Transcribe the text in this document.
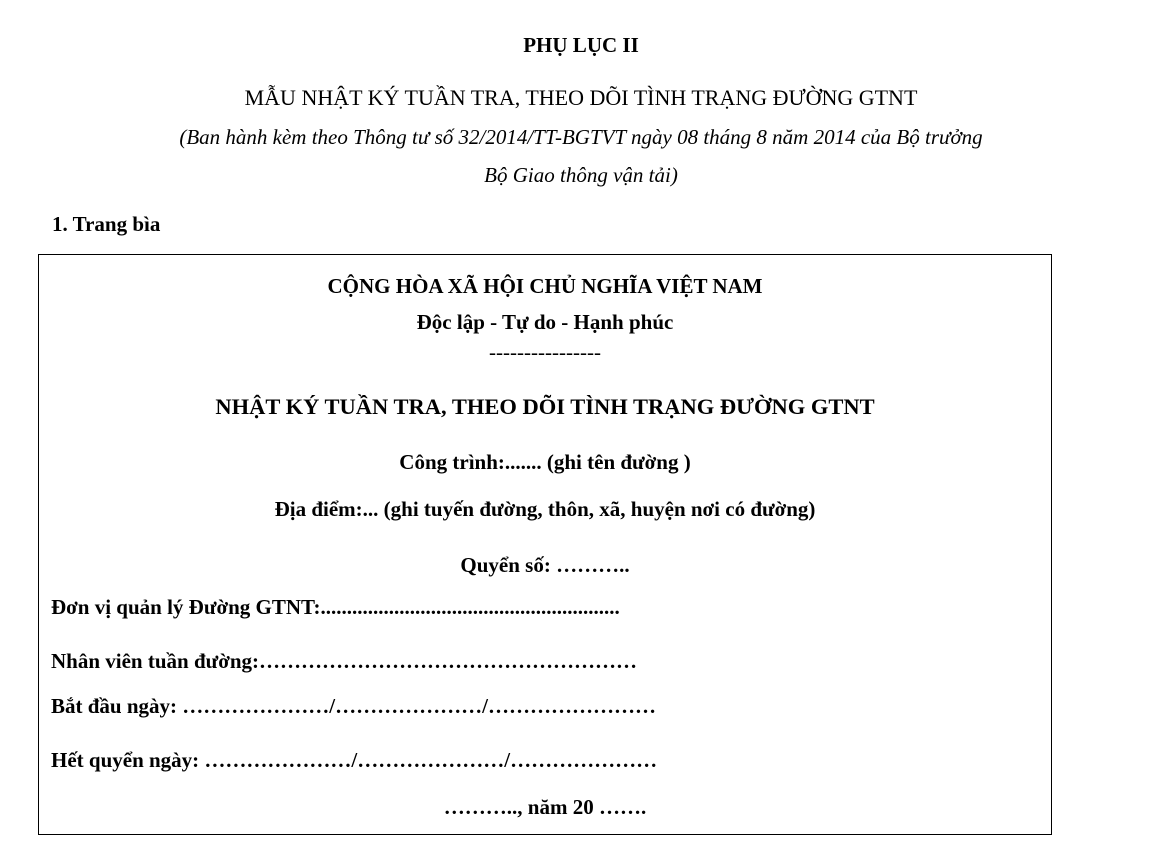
PHỤ LỤC II
MẪU NHẬT KÝ TUẦN TRA, THEO DÕI TÌNH TRẠNG ĐƯỜNG GTNT
(Ban hành kèm theo Thông tư số 32/2014/TT-BGTVT ngày 08 tháng 8 năm 2014 của Bộ trưởng
Bộ Giao thông vận tải)
1. Trang bìa
CỘNG HÒA XÃ HỘI CHỦ NGHĨA VIỆT NAM
Độc lập - Tự do - Hạnh phúc
----------------
NHẬT KÝ TUẦN TRA, THEO DÕI TÌNH TRẠNG ĐƯỜNG GTNT
Công trình:....... (ghi tên đường )
Địa điểm:... (ghi tuyến đường, thôn, xã, huyện nơi có đường)
Quyển số: ………..
Đơn vị quản lý Đường GTNT:.........................................................
Nhân viên tuần đường:………………………………………………
Bắt đầu ngày: …………………/…………………/……………………
Hết quyển ngày: …………………/…………………/…………………
……….., năm 20 …….
